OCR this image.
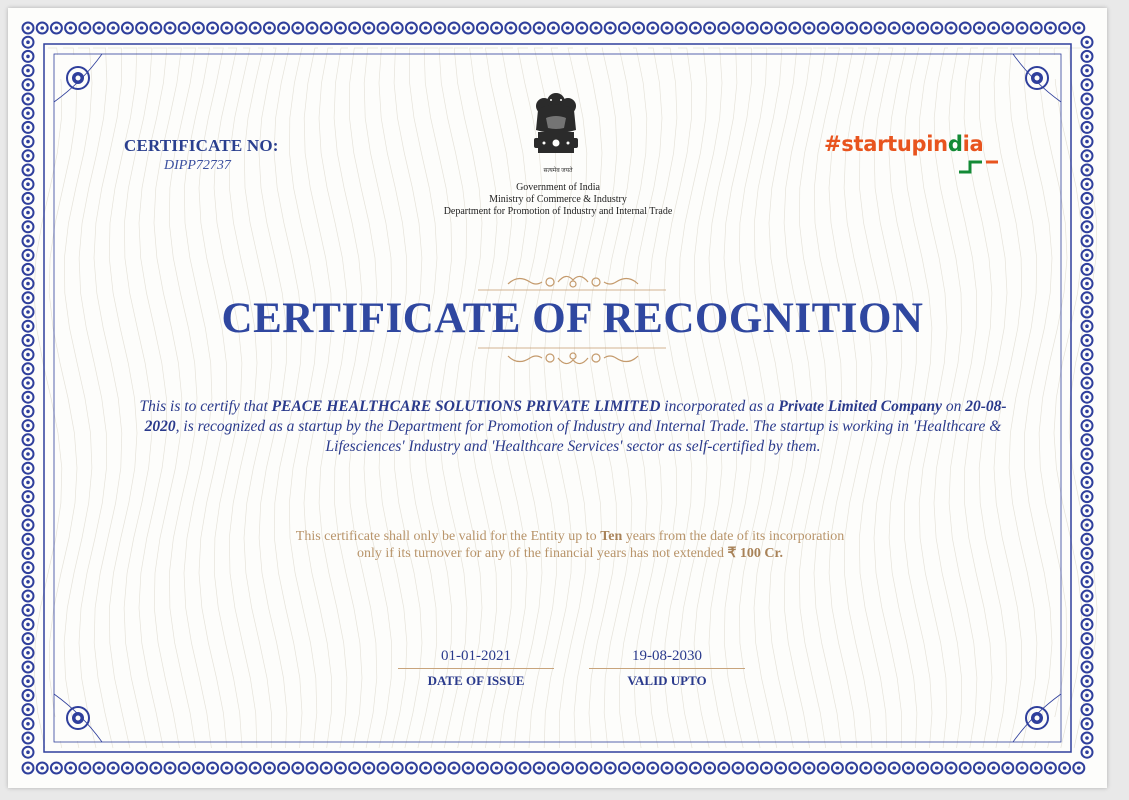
CERTIFICATE NO:
DIPP72737	सत्यमेव जयते
Government of India
Ministry of Commerce & Industry
Department for Promotion of Industry and Internal Trade
#startupindia
CERTIFICATE OF RECOGNITION
This is to certify that PEACE HEALTHCARE SOLUTIONS PRIVATE LIMITED incorporated as a Private Limited Company on 20-08-2020, is recognized as a startup by the Department for Promotion of Industry and Internal Trade. The startup is working in 'Healthcare & Lifesciences' Industry and 'Healthcare Services' sector as self-certified by them.
This certificate shall only be valid for the Entity up to Ten years from the date of its incorporation
only if its turnover for any of the financial years has not extended ₹ 100 Cr.
01-01-2021
DATE OF ISSUE
19-08-2030
VALID UPTO
